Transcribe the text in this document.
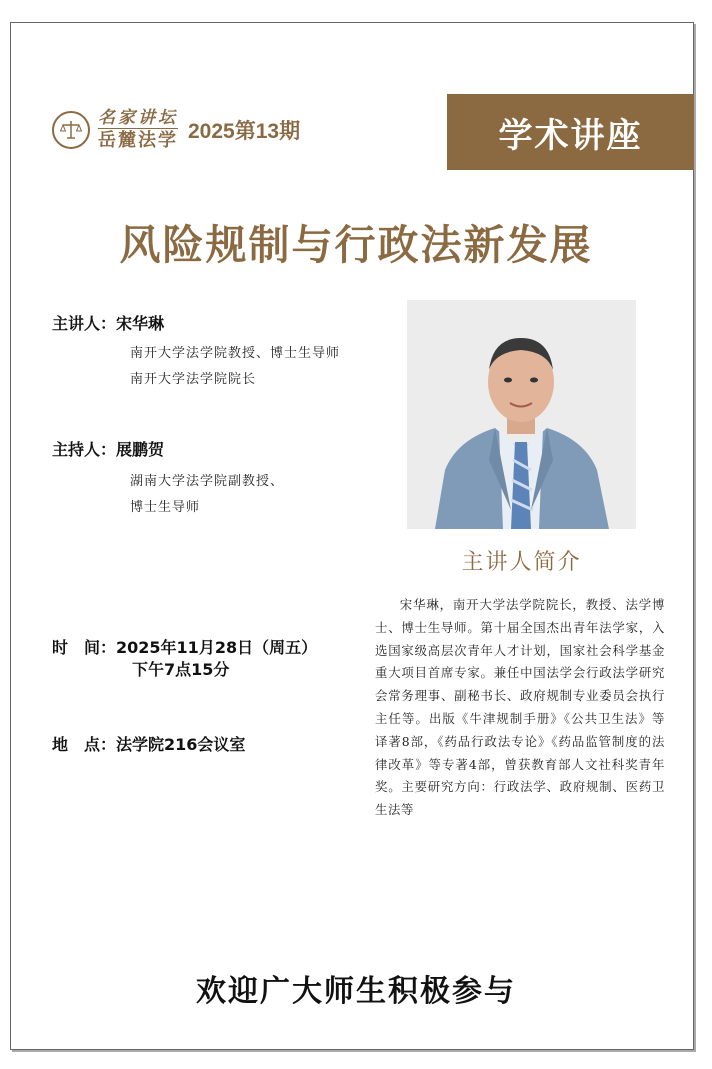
名家讲坛
岳麓法学 2025第13期	学术讲座
风险规制与行政法新发展
主讲人：宋华琳
南开大学法学院教授、博士生导师
南开大学法学院院长
主持人：展鹏贺
湖南大学法学院副教授、
博士生导师
时　间：2025年11月28日（周五）
下午7点15分
地　点：法学院216会议室
主讲人简介
宋华琳，南开大学法学院院长，教授、法学博士、博士生导师。第十届全国杰出青年法学家，入选国家级高层次青年人才计划，国家社会科学基金重大项目首席专家。兼任中国法学会行政法学研究会常务理事、副秘书长、政府规制专业委员会执行主任等。出版《牛津规制手册》《公共卫生法》等译著8部，《药品行政法专论》《药品监管制度的法律改革》等专著4部，曾获教育部人文社科奖青年奖。主要研究方向：行政法学、政府规制、医药卫生法等
欢迎广大师生积极参与
